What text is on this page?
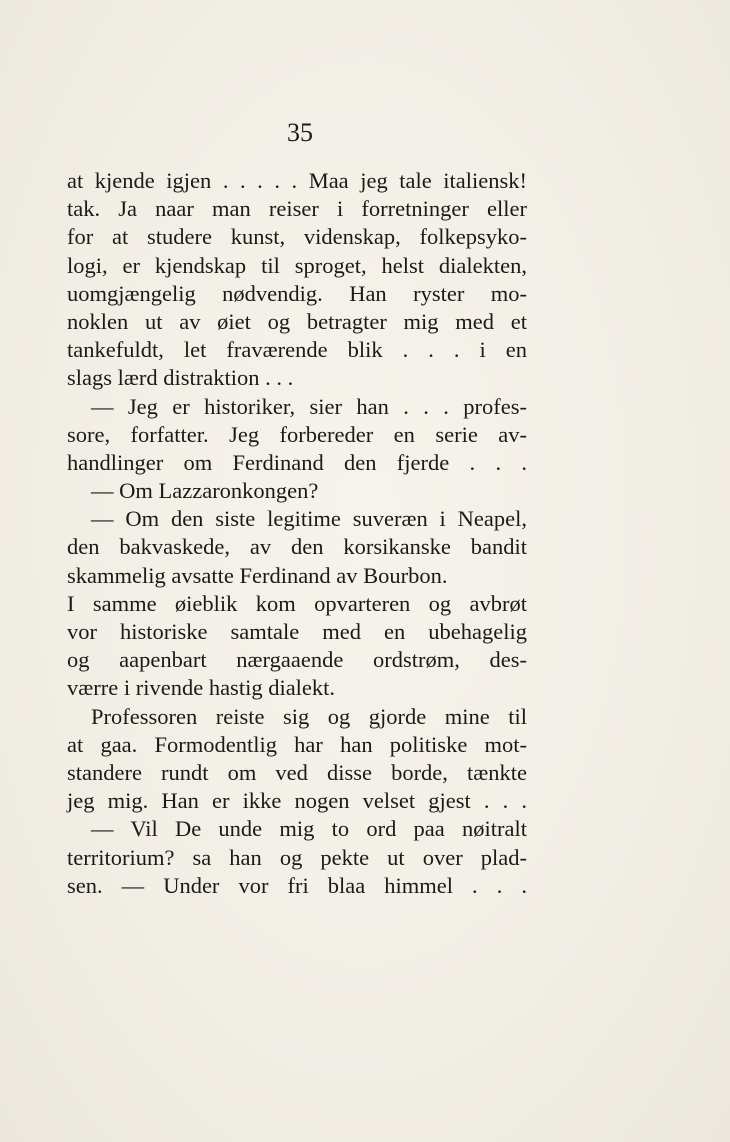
35
at kjende igjen . . . . . Maa jeg tale italiensk!
tak. Ja naar man reiser i forretninger eller
for at studere kunst, videnskap, folkepsyko-
logi, er kjendskap til sproget, helst dialekten,
uomgjængelig nødvendig. Han ryster mo-
noklen ut av øiet og betragter mig med et
tankefuldt, let fraværende blik . . . i en
slags lærd distraktion . . .
— Jeg er historiker, sier han . . . profes-
sore, forfatter. Jeg forbereder en serie av-
handlinger om Ferdinand den fjerde . . .
— Om Lazzaronkongen?
— Om den siste legitime suveræn i Neapel,
den bakvaskede, av den korsikanske bandit
skammelig avsatte Ferdinand av Bourbon.
I samme øieblik kom opvarteren og avbrøt
vor historiske samtale med en ubehagelig
og aapenbart nærgaaende ordstrøm, des-
værre i rivende hastig dialekt.
Professoren reiste sig og gjorde mine til
at gaa. Formodentlig har han politiske mot-
standere rundt om ved disse borde, tænkte
jeg mig. Han er ikke nogen velset gjest . . .
— Vil De unde mig to ord paa nøitralt
territorium? sa han og pekte ut over plad-
sen. — Under vor fri blaa himmel . . .
